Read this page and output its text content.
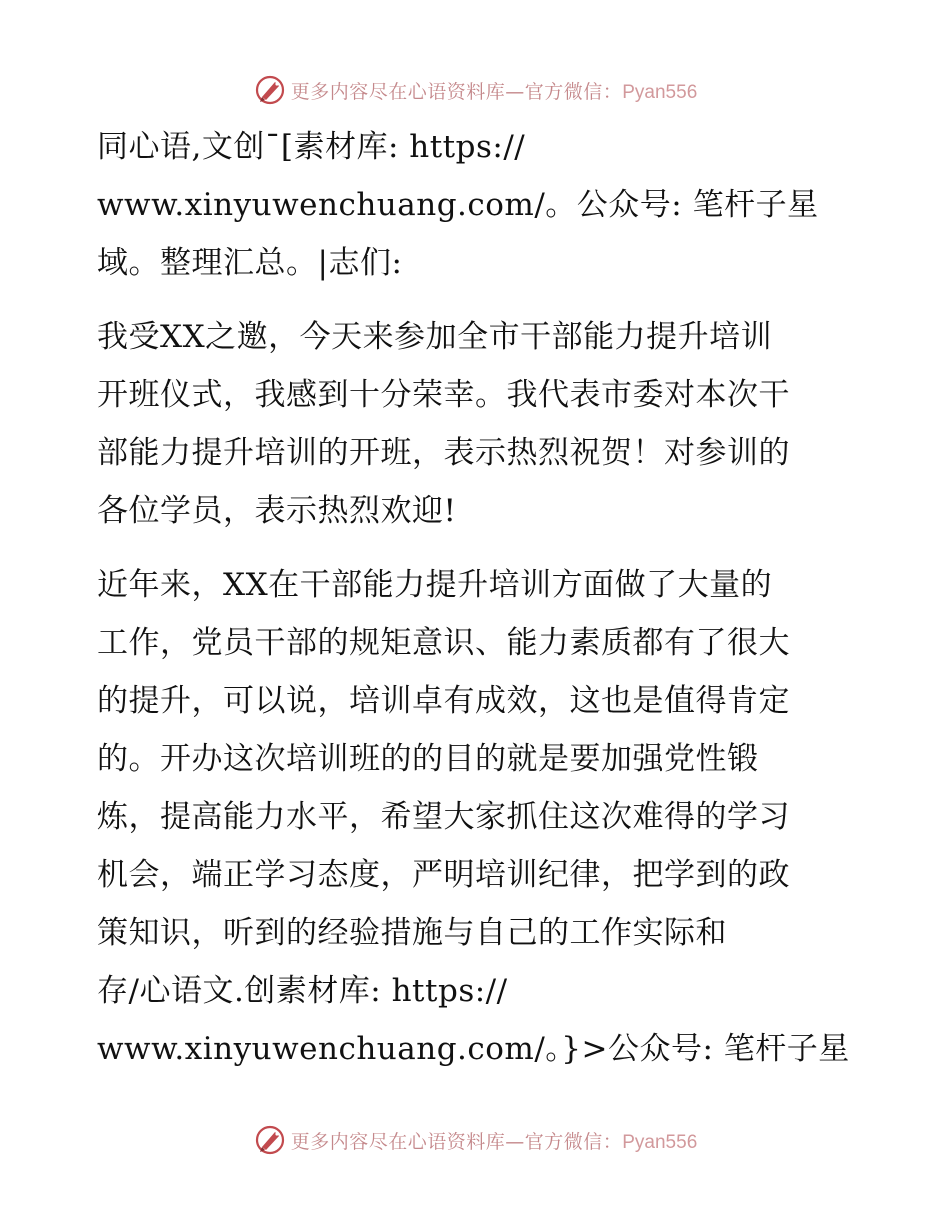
更多内容尽在心语资料库—官方微信：Pyan556
同心语,文创¯[素材库: https://
www.xinyuwenchuang.com/。公众号: 笔杆子星
域。整理汇总。|志们:
我受XX之邀，今天来参加全市干部能力提升培训
开班仪式，我感到十分荣幸。我代表市委对本次干
部能力提升培训的开班，表示热烈祝贺！对参训的
各位学员，表示热烈欢迎!
近年来，XX在干部能力提升培训方面做了大量的
工作，党员干部的规矩意识、能力素质都有了很大
的提升，可以说，培训卓有成效，这也是值得肯定
的。开办这次培训班的的目的就是要加强党性锻
炼，提高能力水平，希望大家抓住这次难得的学习
机会，端正学习态度，严明培训纪律，把学到的政
策知识，听到的经验措施与自己的工作实际和
存/心语文.创素材库: https://
www.xinyuwenchuang.com/。}>公众号: 笔杆子星
更多内容尽在心语资料库—官方微信：Pyan556
